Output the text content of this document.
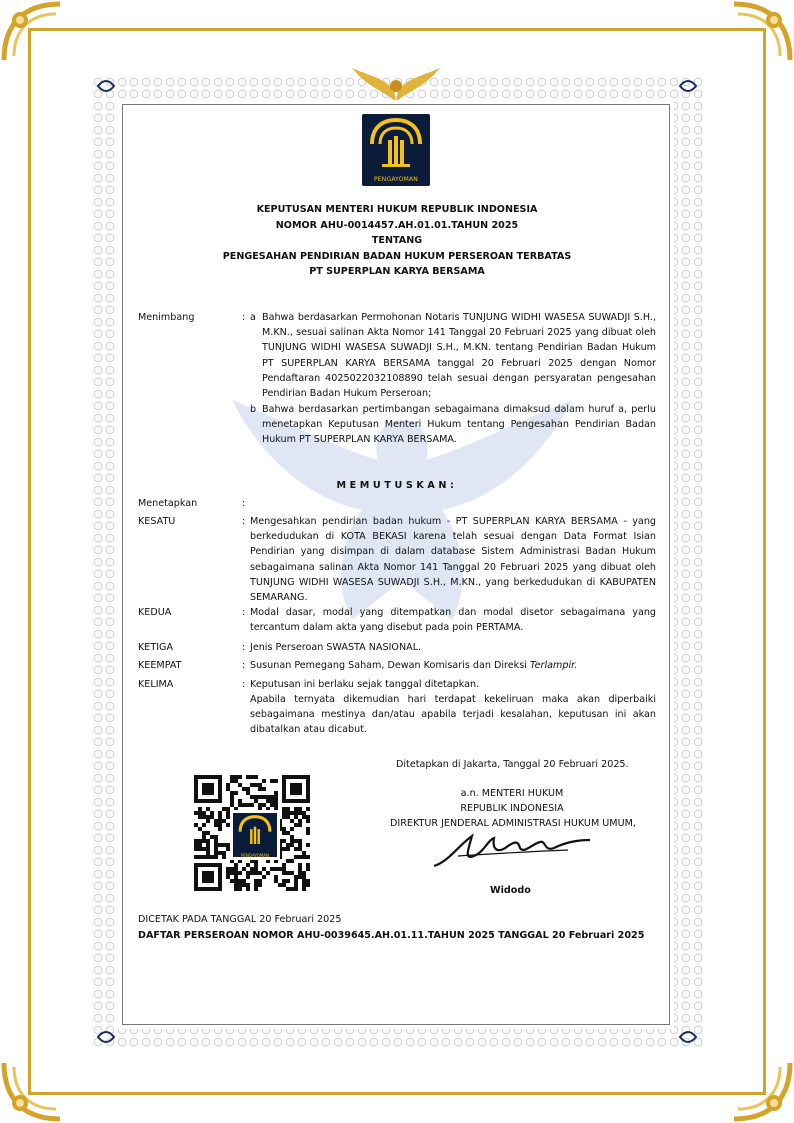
PENGAYOMAN
KEPUTUSAN MENTERI HUKUM REPUBLIK INDONESIA
NOMOR AHU-0014457.AH.01.01.TAHUN 2025
TENTANG
PENGESAHAN PENDIRIAN BADAN HUKUM PERSEROAN TERBATAS
PT SUPERPLAN KARYA BERSAMA
Menimbang	: a Bahwa berdasarkan Permohonan Notaris TUNJUNG WIDHI WASESA SUWADJI S.H., M.KN., sesuai salinan Akta Nomor 141 Tanggal 20 Februari 2025 yang dibuat oleh TUNJUNG WIDHI WASESA SUWADJI S.H., M.KN. tentang Pendirian Badan Hukum PT SUPERPLAN KARYA BERSAMA tanggal 20 Februari 2025 dengan Nomor Pendaftaran 4025022032108890 telah sesuai dengan persyaratan pengesahan Pendirian Badan Hukum Perseroan;
b Bahwa berdasarkan pertimbangan sebagaimana dimaksud dalam huruf a, perlu menetapkan Keputusan Menteri Hukum tentang Pengesahan Pendirian Badan Hukum PT SUPERPLAN KARYA BERSAMA.
MEMUTUSKAN:
Menetapkan	:
KESATU	: Mengesahkan pendirian badan hukum - PT SUPERPLAN KARYA BERSAMA - yang berkedudukan di KOTA BEKASI karena telah sesuai dengan Data Format Isian Pendirian yang disimpan di dalam database Sistem Administrasi Badan Hukum sebagaimana salinan Akta Nomor 141 Tanggal 20 Februari 2025 yang dibuat oleh TUNJUNG WIDHI WASESA SUWADJI S.H., M.KN., yang berkedudukan di KABUPATEN SEMARANG.
KEDUA	: Modal dasar, modal yang ditempatkan dan modal disetor sebagaimana yang tercantum dalam akta yang disebut pada poin PERTAMA.
KETIGA	: Jenis Perseroan SWASTA NASIONAL.
KEEMPAT	: Susunan Pemegang Saham, Dewan Komisaris dan Direksi Terlampir.
KELIMA	: Keputusan ini berlaku sejak tanggal ditetapkan.
Apabila ternyata dikemudian hari terdapat kekeliruan maka akan diperbaiki sebagaimana mestinya dan/atau apabila terjadi kesalahan, keputusan ini akan dibatalkan atau dicabut.
Ditetapkan di Jakarta, Tanggal 20 Februari 2025.
a.n. MENTERI HUKUM
REPUBLIK INDONESIA
DIREKTUR JENDERAL ADMINISTRASI HUKUM UMUM,
Widodo
PENGAYOMAN
DICETAK PADA TANGGAL 20 Februari 2025
DAFTAR PERSEROAN NOMOR AHU-0039645.AH.01.11.TAHUN 2025 TANGGAL 20 Februari 2025
